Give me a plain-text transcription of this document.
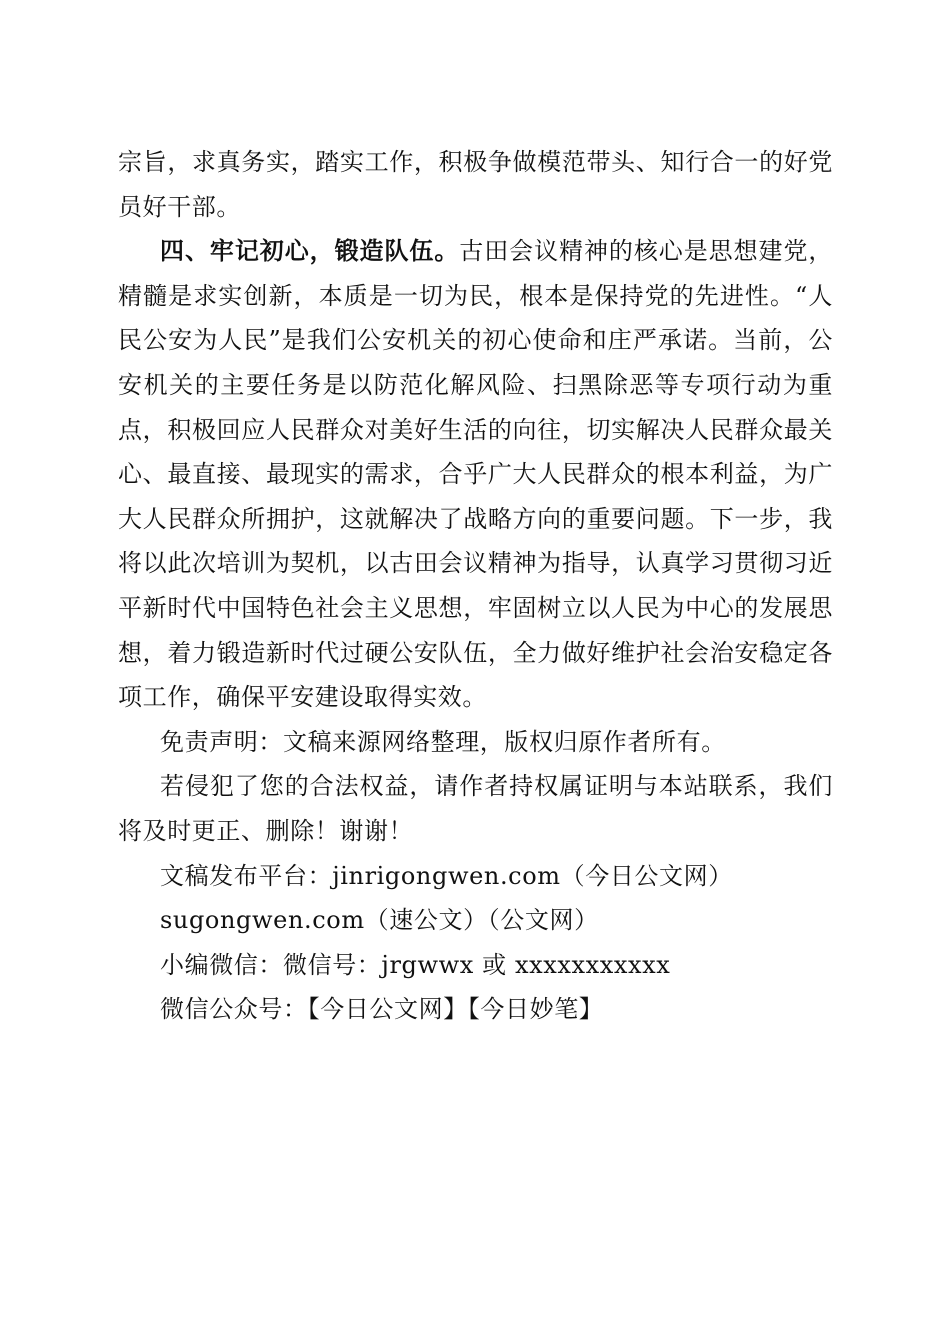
宗旨，求真务实，踏实工作，积极争做模范带头、知行合一的好党员好干部。

四、牢记初心，锻造队伍。古田会议精神的核心是思想建党，精髓是求实创新，本质是一切为民，根本是保持党的先进性。“人民公安为人民”是我们公安机关的初心使命和庄严承诺。当前，公安机关的主要任务是以防范化解风险、扫黑除恶等专项行动为重点，积极回应人民群众对美好生活的向往，切实解决人民群众最关心、最直接、最现实的需求，合乎广大人民群众的根本利益，为广大人民群众所拥护，这就解决了战略方向的重要问题。下一步，我将以此次培训为契机，以古田会议精神为指导，认真学习贯彻习近平新时代中国特色社会主义思想，牢固树立以人民为中心的发展思想，着力锻造新时代过硬公安队伍，全力做好维护社会治安稳定各项工作，确保平安建设取得实效。

免责声明：文稿来源网络整理，版权归原作者所有。

若侵犯了您的合法权益，请作者持权属证明与本站联系，我们将及时更正、删除！谢谢！

文稿发布平台：jinrigongwen.com（今日公文网）

sugongwen.com（速公文）（公文网）

小编微信：微信号：jrgwwx 或 xxxxxxxxxxx

微信公众号：【今日公文网】【今日妙笔】
